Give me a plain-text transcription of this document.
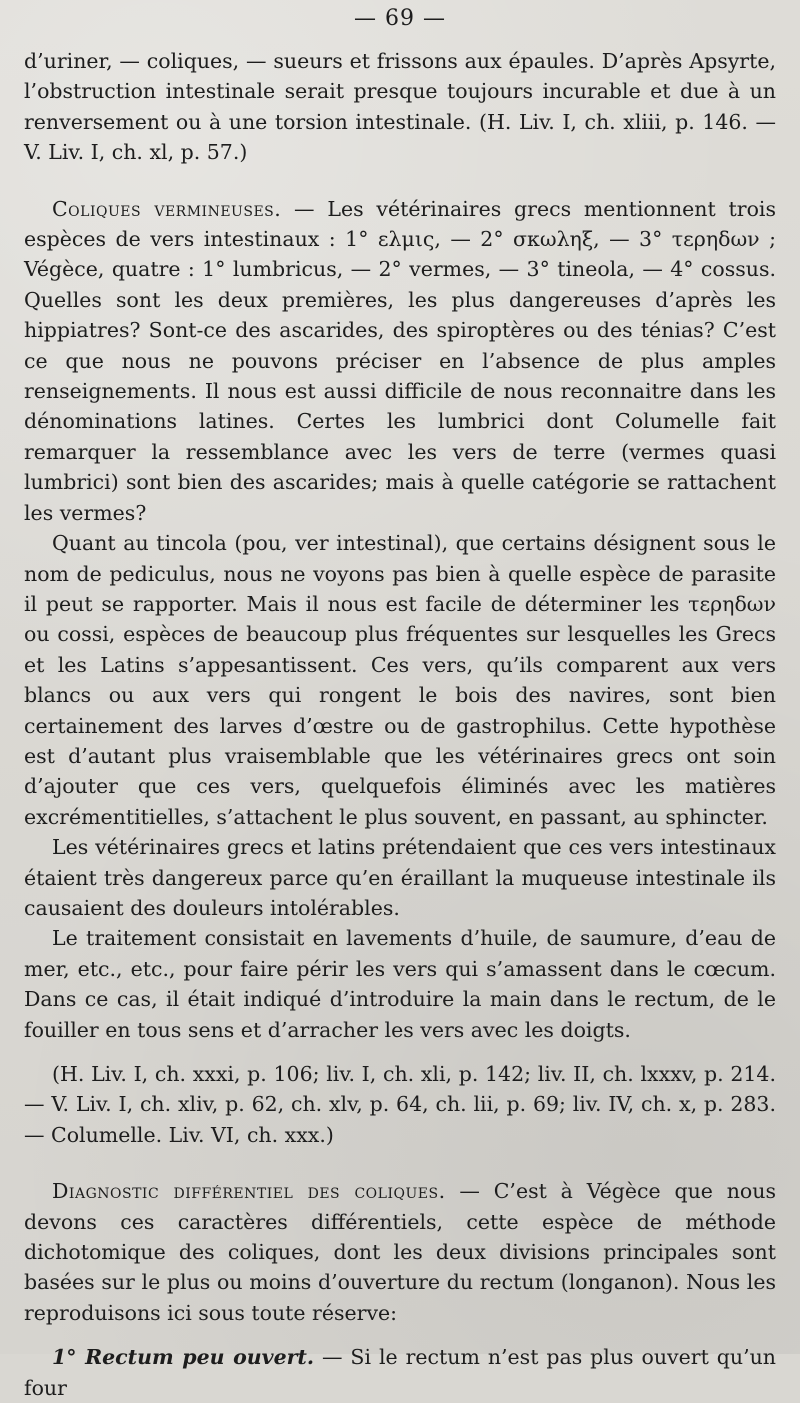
— 69 —

d’uriner, — coliques, — sueurs et frissons aux épaules. D’après Apsyrte, l’obstruction intestinale serait presque toujours incurable et due à un renversement ou à une torsion intestinale. (H. Liv. I, ch. xliii, p. 146. — V. Liv. I, ch. xl, p. 57.)

Coliques vermineuses. — Les vétérinaires grecs mentionnent trois espèces de vers intestinaux : 1° ελμις, — 2° σκωληξ, — 3° τερηδων ; Végèce, quatre : 1° lumbricus, — 2° vermes, — 3° tineola, — 4° cossus. Quelles sont les deux premières, les plus dangereuses d’après les hippiatres? Sont-ce des ascarides, des spiroptères ou des ténias? C’est ce que nous ne pouvons préciser en l’absence de plus amples renseignements. Il nous est aussi difficile de nous reconnaitre dans les dénominations latines. Certes les lumbrici dont Columelle fait remarquer la ressemblance avec les vers de terre (vermes quasi lumbrici) sont bien des ascarides; mais à quelle catégorie se rattachent les vermes?

Quant au tincola (pou, ver intestinal), que certains désignent sous le nom de pediculus, nous ne voyons pas bien à quelle espèce de parasite il peut se rapporter. Mais il nous est facile de déterminer les τερηδων ou cossi, espèces de beaucoup plus fréquentes sur lesquelles les Grecs et les Latins s’appesantissent. Ces vers, qu’ils comparent aux vers blancs ou aux vers qui rongent le bois des navires, sont bien certainement des larves d’œstre ou de gastrophilus. Cette hypothèse est d’autant plus vraisemblable que les vétérinaires grecs ont soin d’ajouter que ces vers, quelquefois éliminés avec les matières excrémentitielles, s’attachent le plus souvent, en passant, au sphincter.

Les vétérinaires grecs et latins prétendaient que ces vers intestinaux étaient très dangereux parce qu’en éraillant la muqueuse intestinale ils causaient des douleurs intolérables.

Le traitement consistait en lavements d’huile, de saumure, d’eau de mer, etc., etc., pour faire périr les vers qui s’amassent dans le cœcum. Dans ce cas, il était indiqué d’introduire la main dans le rectum, de le fouiller en tous sens et d’arracher les vers avec les doigts.

(H. Liv. I, ch. xxxi, p. 106; liv. I, ch. xli, p. 142; liv. II, ch. lxxxv, p. 214. — V. Liv. I, ch. xliv, p. 62, ch. xlv, p. 64, ch. lii, p. 69; liv. IV, ch. x, p. 283. — Columelle. Liv. VI, ch. xxx.)

Diagnostic différentiel des coliques. — C’est à Végèce que nous devons ces caractères différentiels, cette espèce de méthode dichotomique des coliques, dont les deux divisions principales sont basées sur le plus ou moins d’ouverture du rectum (longanon). Nous les reproduisons ici sous toute réserve:

1° Rectum peu ouvert. — Si le rectum n’est pas plus ouvert qu’un four
